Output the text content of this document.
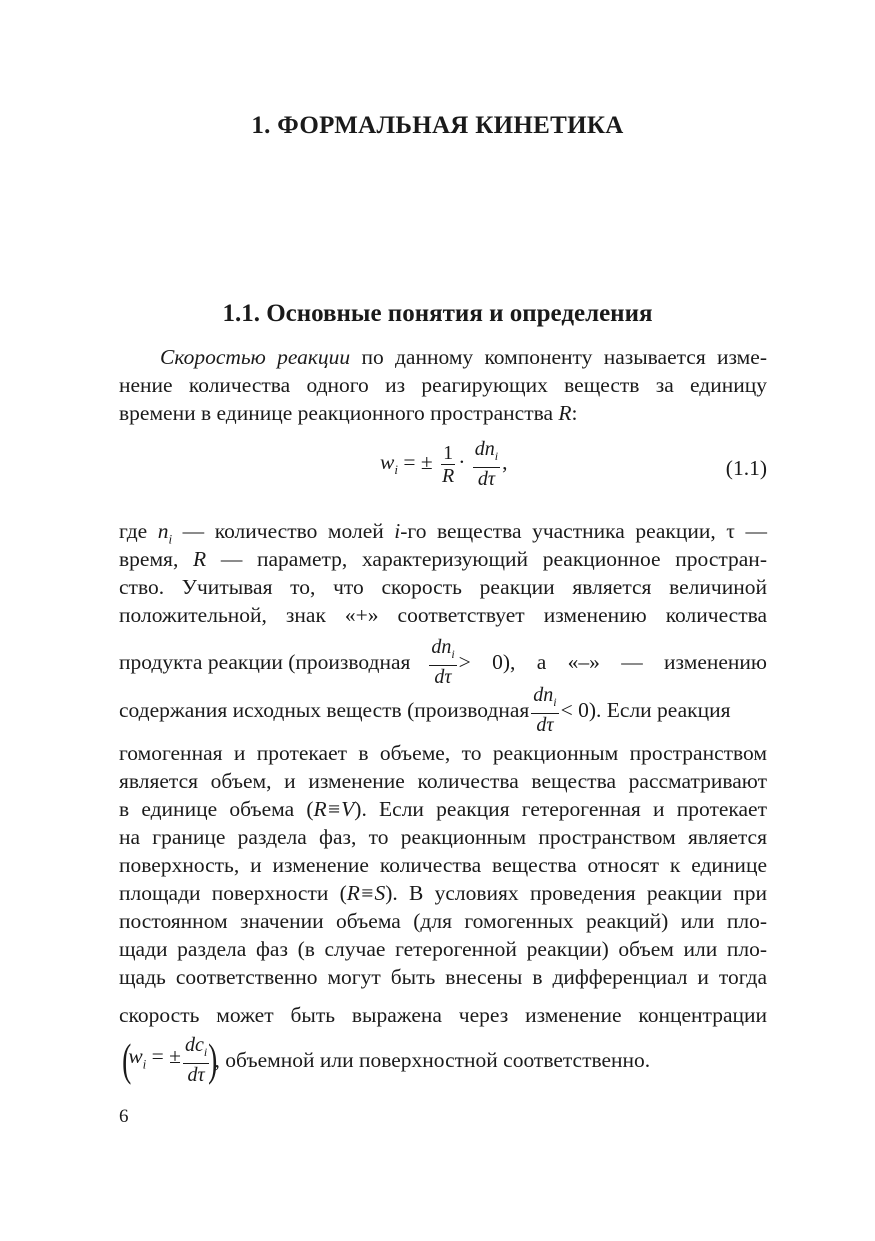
1. ФОРМАЛЬНАЯ КИНЕТИКА
1.1. Основные понятия и определения
Скоростью реакции по данному компоненту называется изме-
нение количества одного из реагирующих веществ за единицу
времени в единице реакционного пространства R:
$w_i$ = ± $\frac{1}{R} \cdot \frac{dn_i}{d\tau}$ ,	(1.1)
где $n_i$ — количество молей i-го вещества участника реакции, τ —
время, R — параметр, характеризующий реакционное простран-
ство. Учитывая то, что скорость реакции является величиной
положительной, знак «+» соответствует изменению количества
продукта реакции (производная $\frac{dn_i}{d\tau} > 0$), а «–» — изменению
содержания исходных веществ (производная $\frac{dn_i}{d\tau} < 0$). Если реакция
гомогенная и протекает в объеме, то реакционным пространством
является объем, и изменение количества вещества рассматривают
в единице объема (R≡V). Если реакция гетерогенная и протекает
на границе раздела фаз, то реакционным пространством является
поверхность, и изменение количества вещества относят к единице
площади поверхности (R≡S). В условиях проведения реакции при
постоянном значении объема (для гомогенных реакций) или пло-
щади раздела фаз (в случае гетерогенной реакции) объем или пло-
щадь соответственно могут быть внесены в дифференциал и тогда
скорость может быть выражена через изменение концентрации
(
$w_i$ = ± $\frac{dc_i}{d\tau}$ )
, объемной или поверхностной соответственно.
6
